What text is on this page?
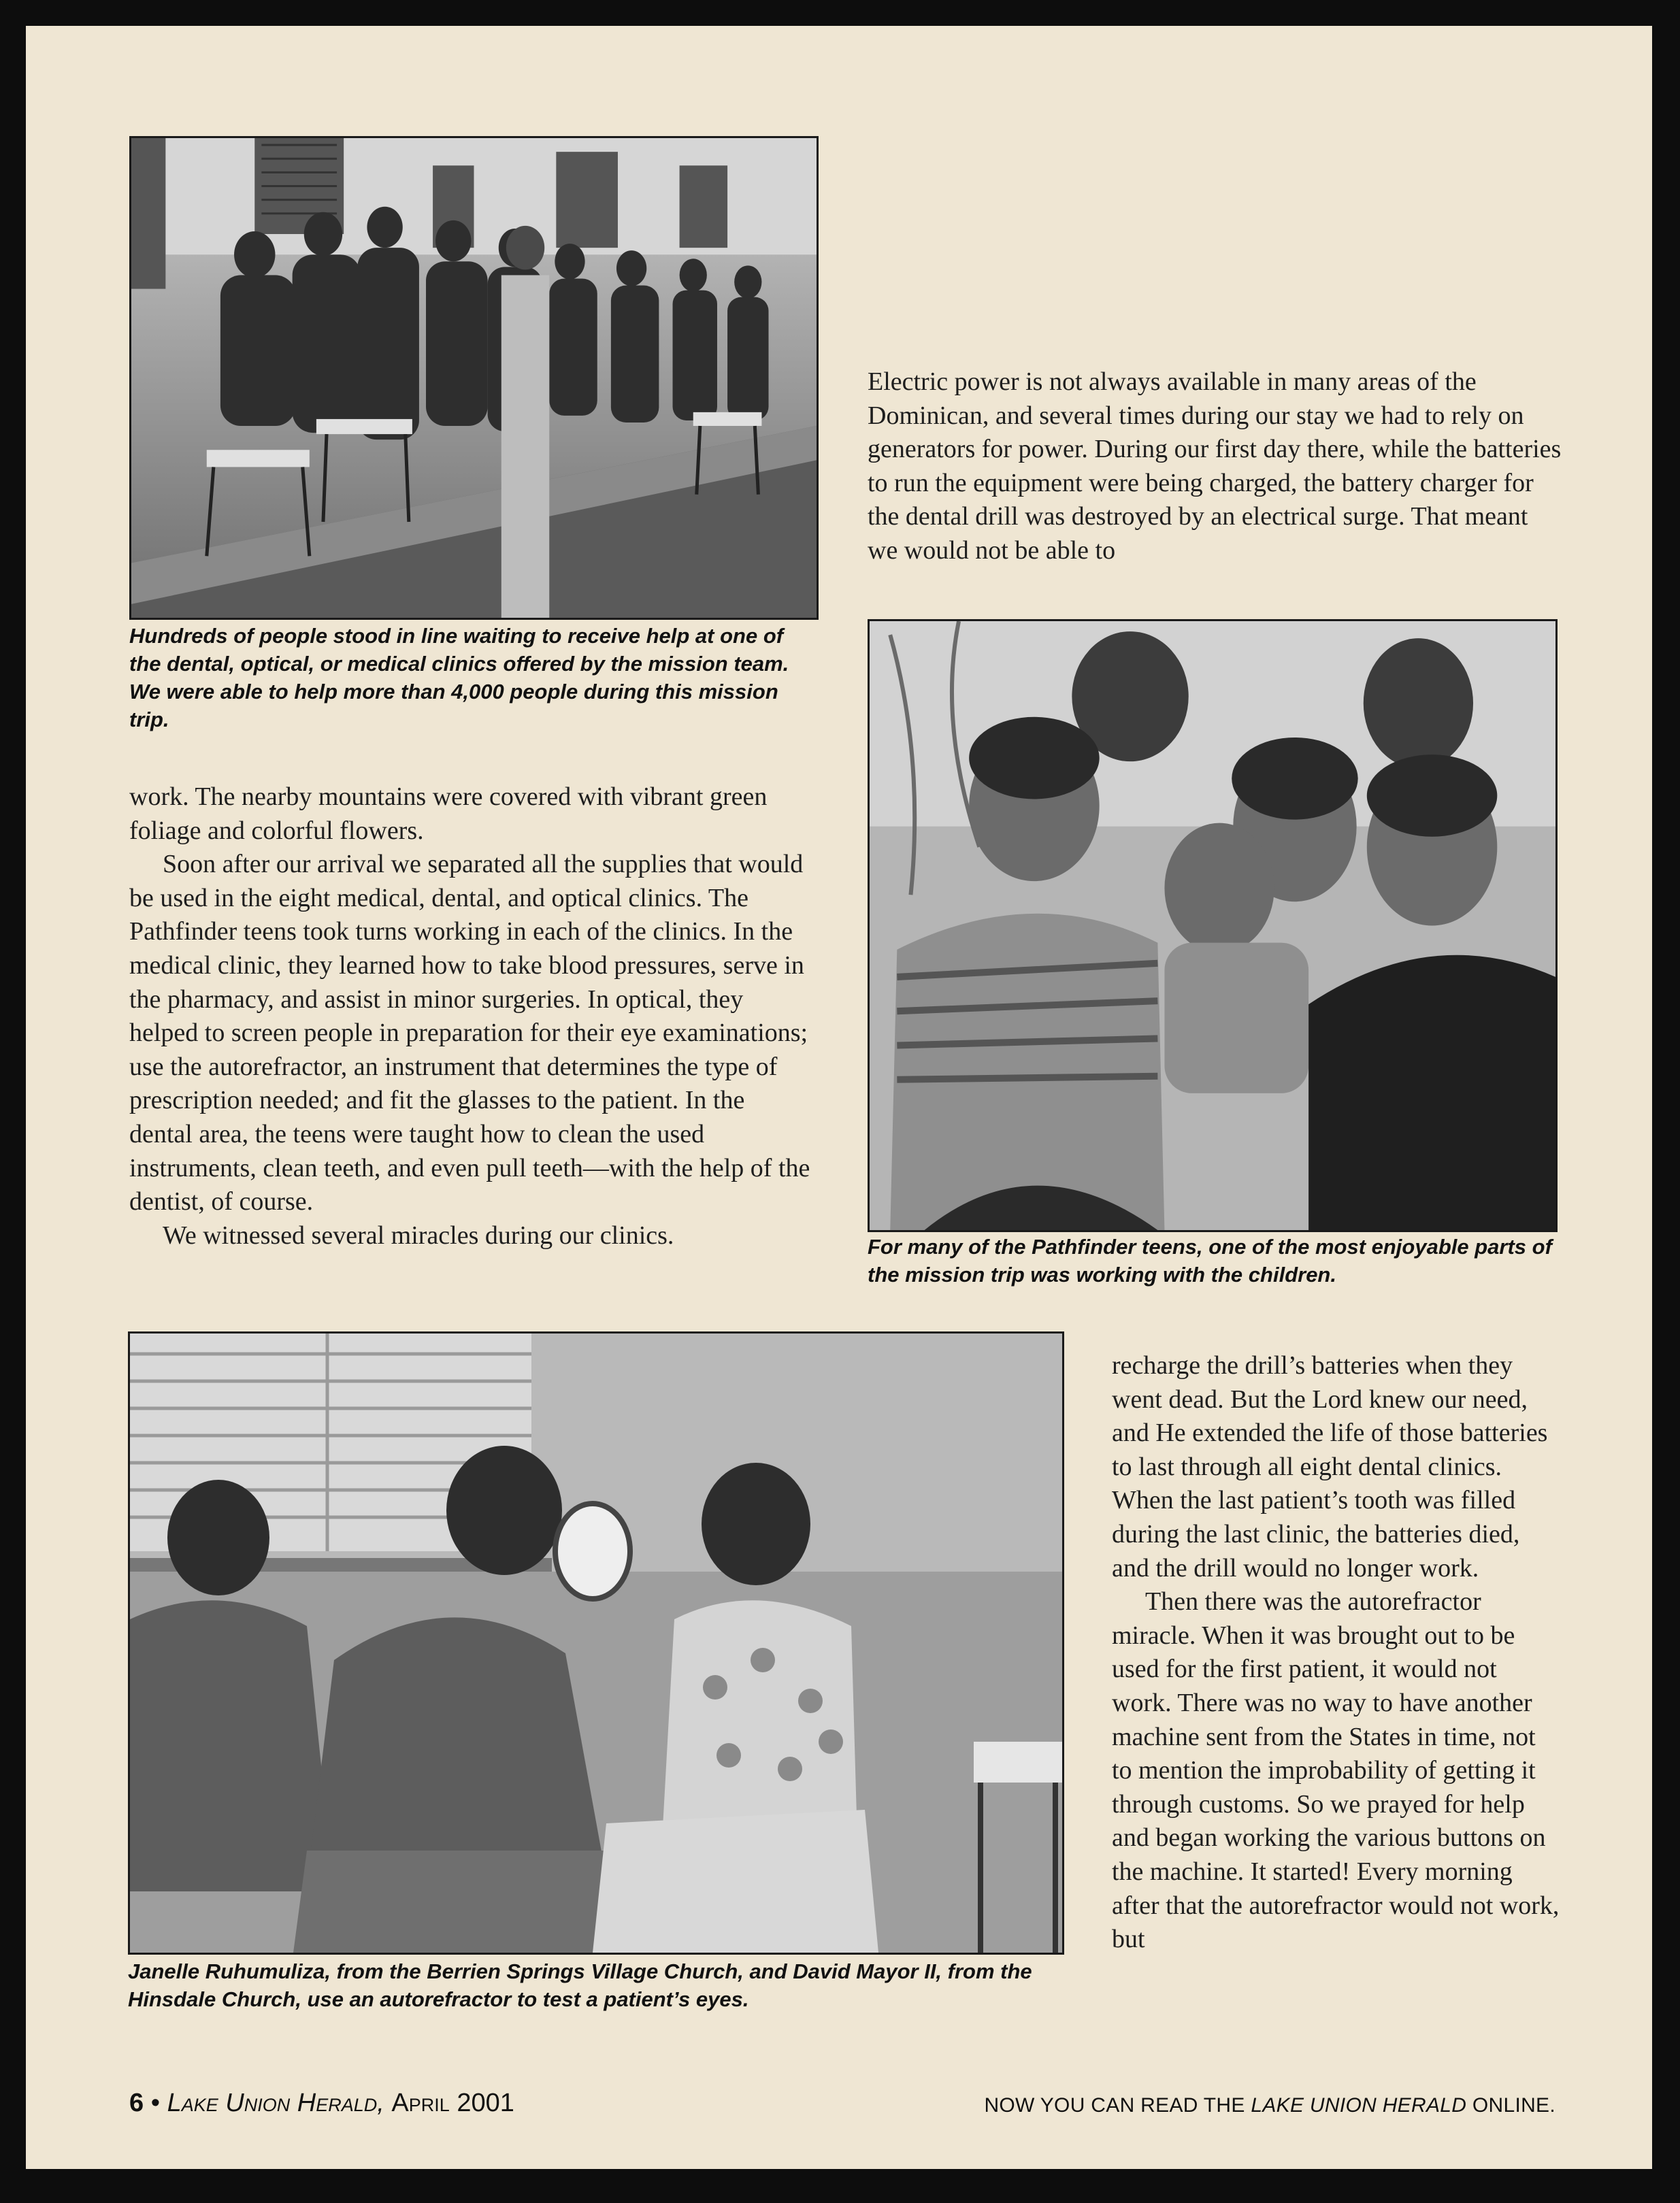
Hundreds of people stood in line waiting to receive help at one of the dental, optical, or medical clinics offered by the mission team. We were able to help more than 4,000 people during this mission trip.

Electric power is not always available in many areas of the Dominican, and several times during our stay we had to rely on generators for power. During our first day there, while the batteries to run the equipment were being charged, the battery charger for the dental drill was destroyed by an electrical surge. That meant we would not be able to

For many of the Pathfinder teens, one of the most enjoyable parts of the mission trip was working with the children.

work. The nearby mountains were covered with vibrant green foliage and colorful flowers.

Soon after our arrival we separated all the supplies that would be used in the eight medical, dental, and optical clinics. The Pathfinder teens took turns working in each of the clinics. In the medical clinic, they learned how to take blood pressures, serve in the pharmacy, and assist in minor surgeries. In optical, they helped to screen people in preparation for their eye examinations; use the autorefractor, an instrument that determines the type of prescription needed; and fit the glasses to the patient. In the dental area, the teens were taught how to clean the used instruments, clean teeth, and even pull teeth—with the help of the dentist, of course.

We witnessed several miracles during our clinics.

Janelle Ruhumuliza, from the Berrien Springs Village Church, and David Mayor II, from the Hinsdale Church, use an autorefractor to test a patient’s eyes.

recharge the drill’s batteries when they went dead. But the Lord knew our need, and He extended the life of those batteries to last through all eight dental clinics. When the last patient’s tooth was filled during the last clinic, the batteries died, and the drill would no longer work.

Then there was the autorefractor miracle. When it was brought out to be used for the first patient, it would not work. There was no way to have another machine sent from the States in time, not to mention the improbability of getting it through customs. So we prayed for help and began working the various buttons on the machine. It started! Every morning after that the autorefractor would not work, but

6 • Lake Union Herald, April 2001	NOW YOU CAN READ THE LAKE UNION HERALD ONLINE.
